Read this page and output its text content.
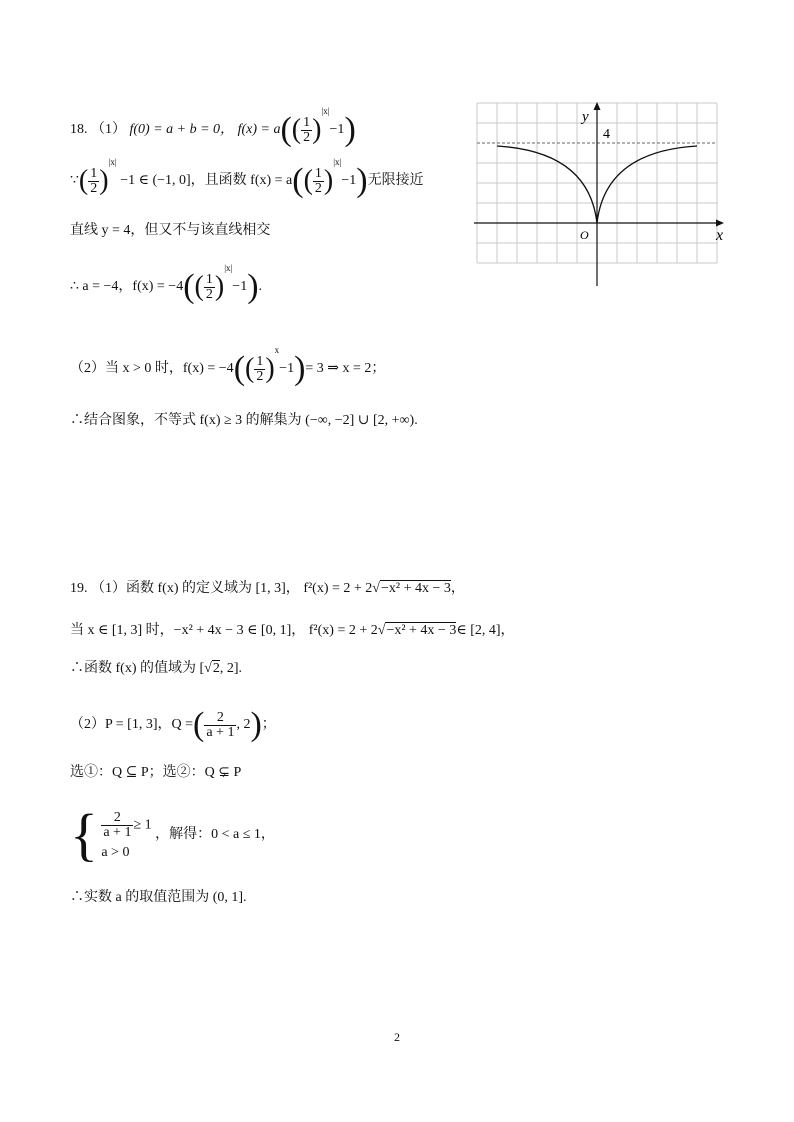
18. （1） f(0) = a + b = 0， $f(x) = a(( \frac{1}{2} )^{|x|}-1)$
∵( $\frac{1}{2} )^{|x|} -1$ ∈ (−1, 0]，且函数 $f(x) = a(( \frac{1}{2} )^{|x|}-1)$无限接近
直线 y = 4，但又不与该直线相交
∴ a = −4，$f(x) = -4(( \frac{1}{2} )^{|x|}-1)$.
（2）当 x > 0 时，$f(x) = -4(( \frac{1}{2} )^x-1)= 3$ ⇒ x = 2；
∴结合图象，不等式 f(x) ≥ 3 的解集为 (−∞, −2] ∪ [2, +∞).
y
x
O
4
19. （1）函数 f(x) 的定义域为 [1, 3]， f²(x) = 2 + 2√−x² + 4x − 3，
当 x ∈ [1, 3] 时，−x² + 4x − 3 ∈ [0, 1]， f²(x) = 2 + 2√−x² + 4x − 3∈ [2, 4]，
∴函数 f(x) 的值域为 [√2, 2].
（2）P = [1, 3]，Q =( $\frac{2}{a + 1}$ , 2)；
选①：Q ⊆ P；选②：Q ⊊ P
{ $\frac{2}{a + 1} \ge 1$
a > 0
，解得：0 < a ≤ 1，
∴实数 a 的取值范围为 (0, 1].
2
